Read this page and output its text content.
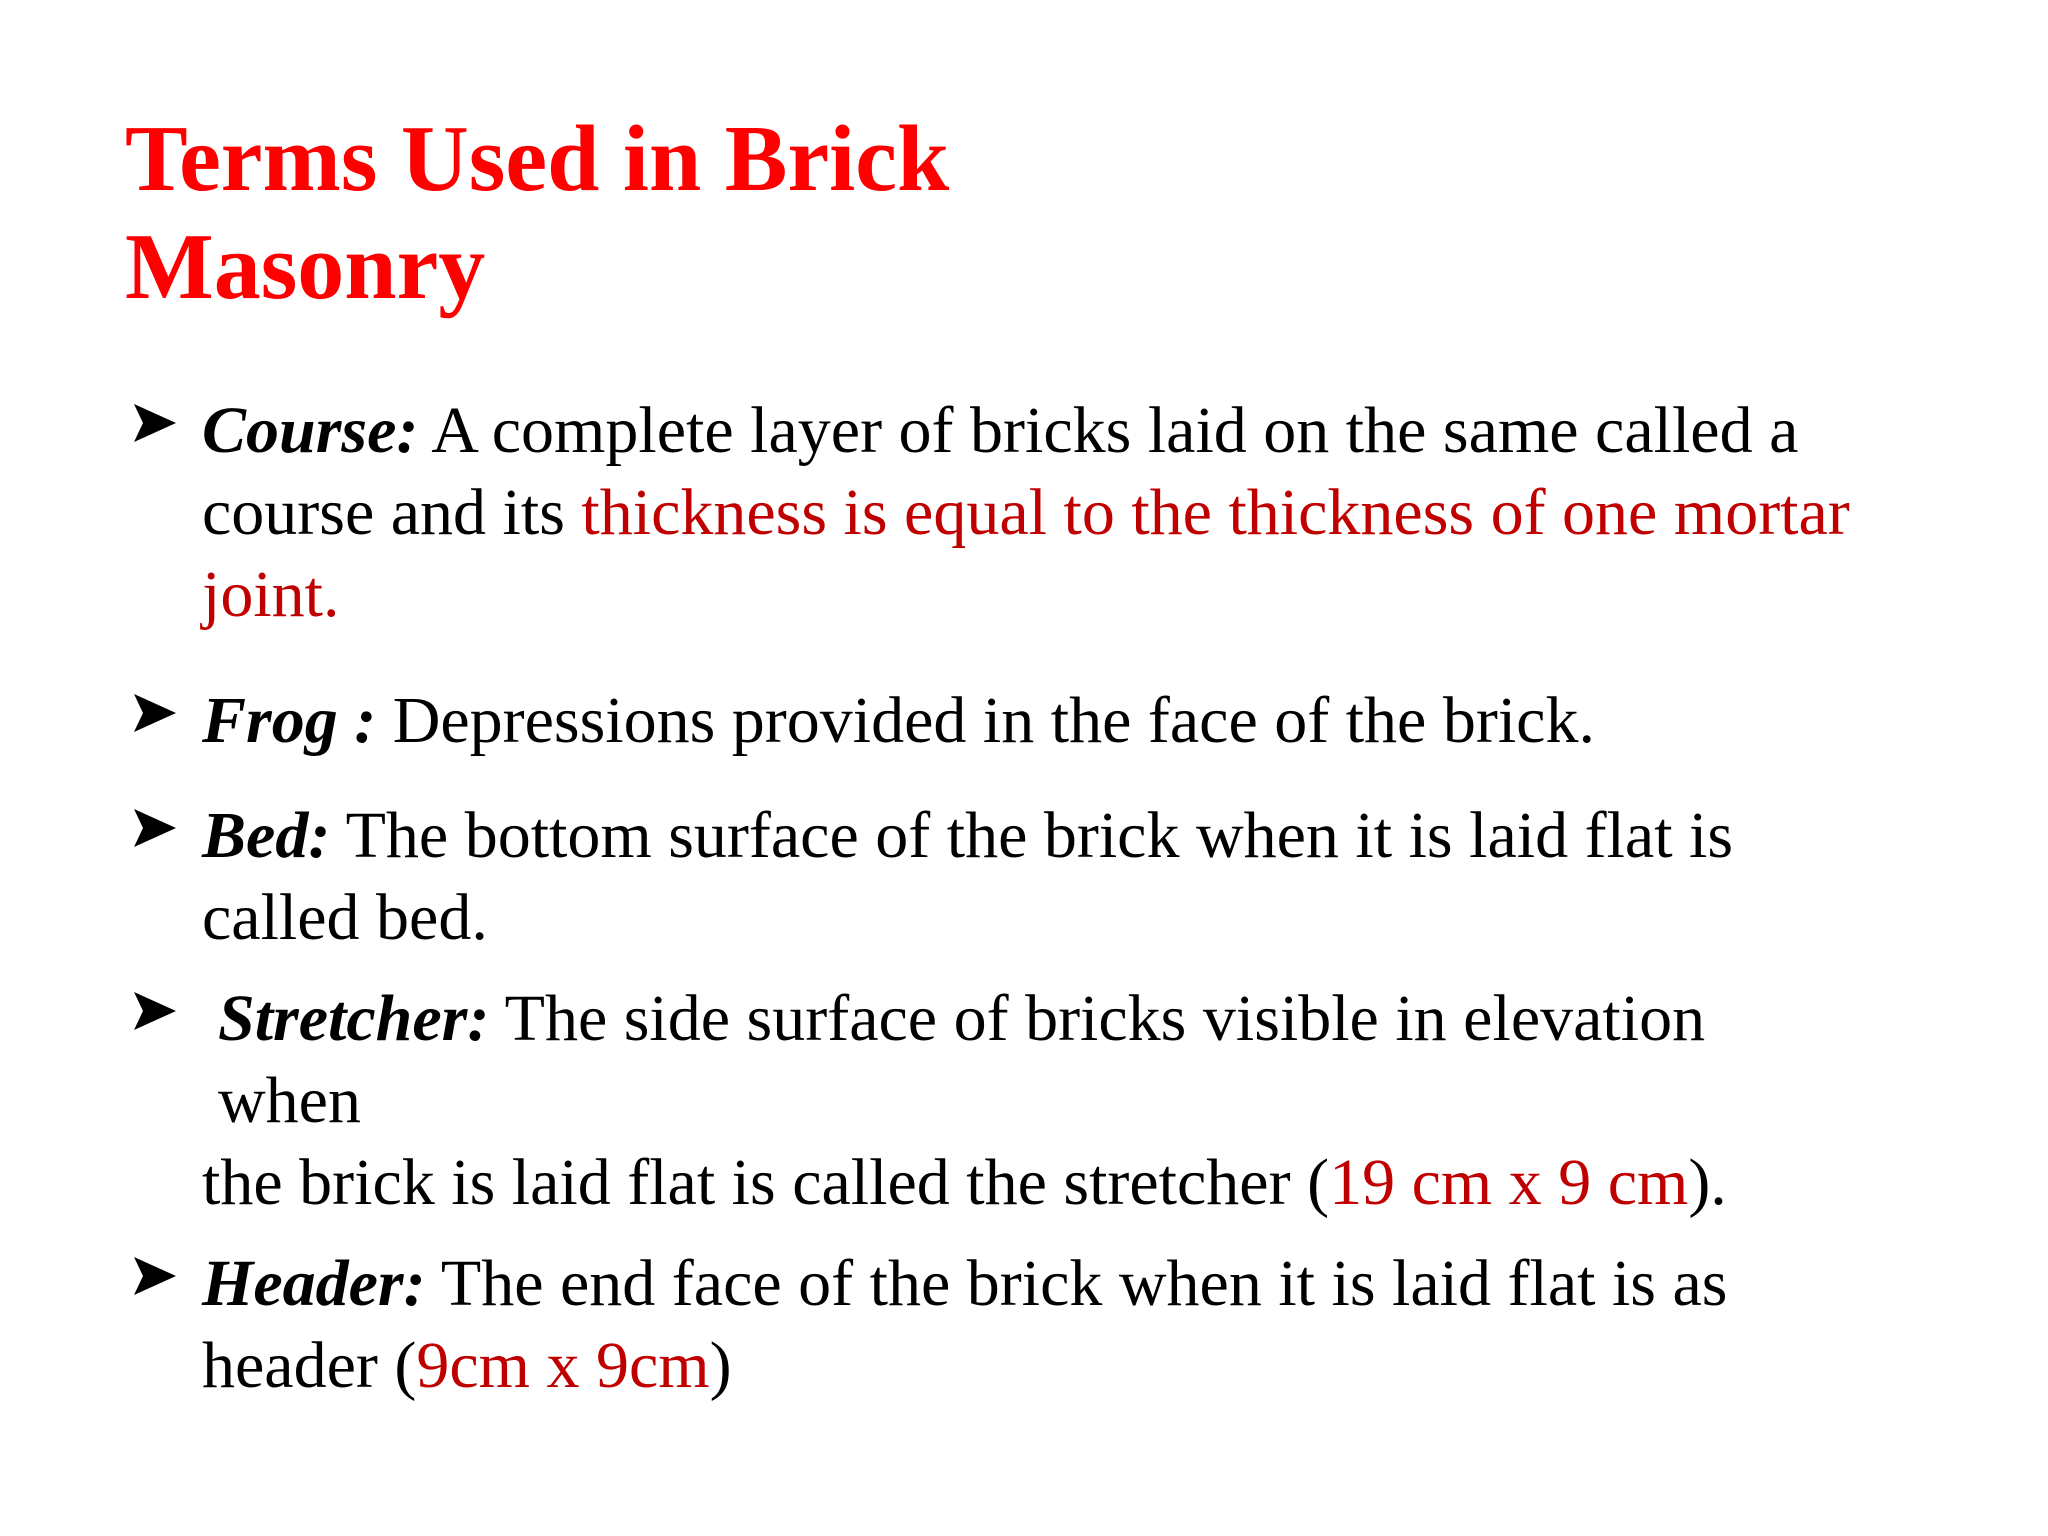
Terms Used in Brick
Masonry
Course: A complete layer of bricks laid on the same called a
course and its thickness is equal to the thickness of one mortar
joint.
Frog : Depressions provided in the face of the brick.
Bed: The bottom surface of the brick when it is laid flat is
called bed.
Stretcher: The side surface of bricks visible in elevation
when
the brick is laid flat is called the stretcher (19 cm x 9 cm).
Header: The end face of the brick when it is laid flat is as
header (9cm x 9cm)
